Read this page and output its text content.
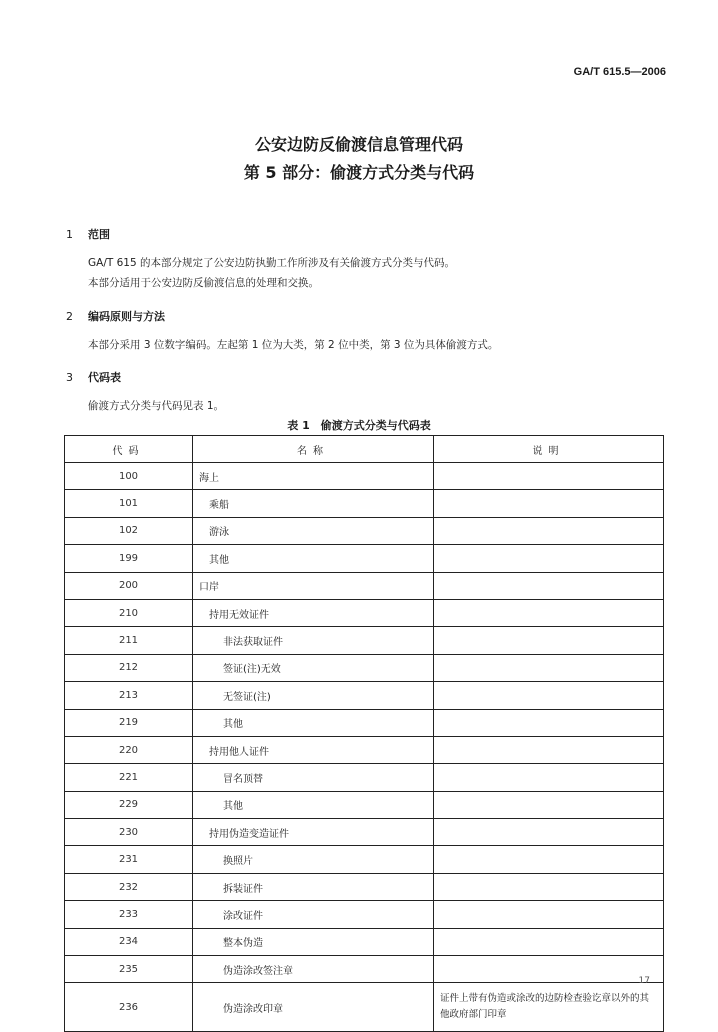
GA/T 615.5—2006
公安边防反偷渡信息管理代码
第 5 部分：偷渡方式分类与代码
1 范围
GA/T 615 的本部分规定了公安边防执勤工作所涉及有关偷渡方式分类与代码。
本部分适用于公安边防反偷渡信息的处理和交换。
2 编码原则与方法
本部分采用 3 位数字编码。左起第 1 位为大类，第 2 位中类，第 3 位为具体偷渡方式。
3 代码表
偷渡方式分类与代码见表 1。
表 1　偷渡方式分类与代码表
代码	名称	说明
100	海上	
101	乘船	
102	游泳	
199	其他	
200	口岸	
210	持用无效证件	
211	非法获取证件	
212	签证(注)无效	
213	无签证(注)	
219	其他	
220	持用他人证件	
221	冒名顶替	
229	其他	
230	持用伪造变造证件	
231	换照片	
232	拆装证件	
233	涂改证件	
234	整本伪造	
235	伪造涂改签注章	
236	伪造涂改印章	证件上带有伪造或涂改的边防检查验讫章以外的其他政府部门印章
17
